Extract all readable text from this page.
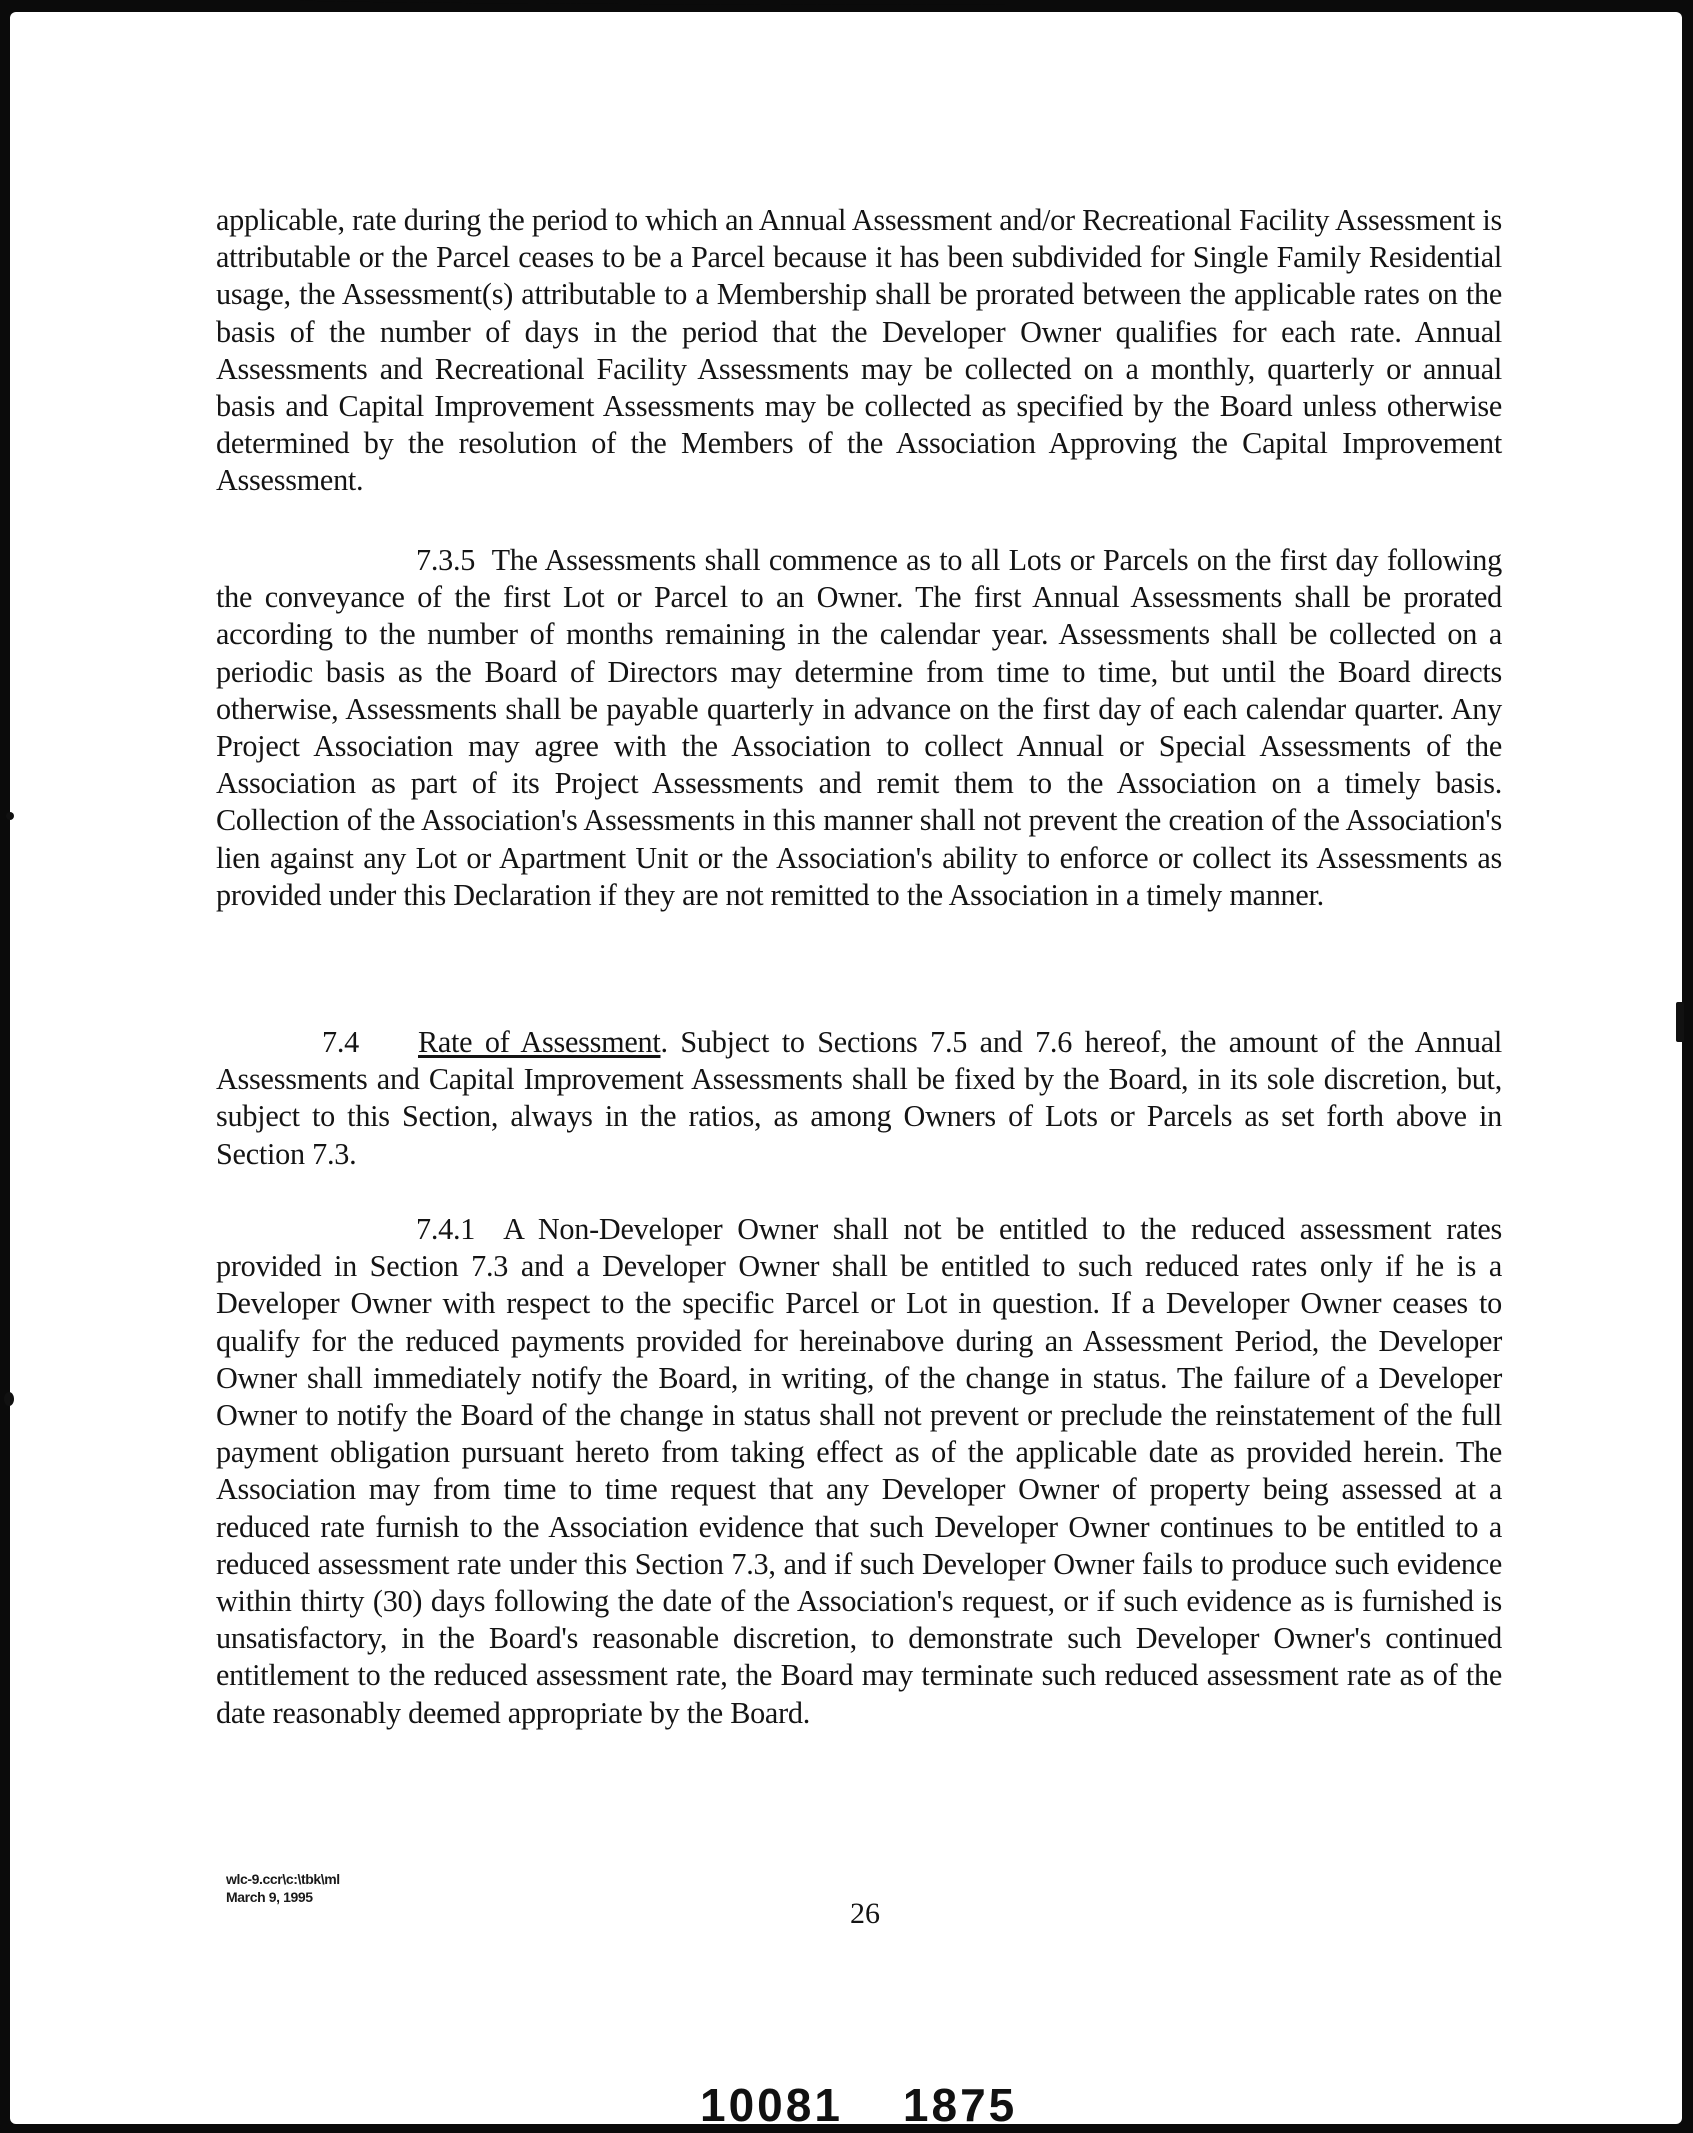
applicable, rate during the period to which an Annual Assessment and/or Recreational Facility Assessment is attributable or the Parcel ceases to be a Parcel because it has been subdivided for Single Family Residential usage, the Assessment(s) attributable to a Membership shall be prorated between the applicable rates on the basis of the number of days in the period that the Developer Owner qualifies for each rate. Annual Assessments and Recreational Facility Assessments may be collected on a monthly, quarterly or annual basis and Capital Improvement Assessments may be collected as specified by the Board unless otherwise determined by the resolution of the Members of the Association Approving the Capital Improvement Assessment.

7.3.5 The Assessments shall commence as to all Lots or Parcels on the first day following the conveyance of the first Lot or Parcel to an Owner. The first Annual Assessments shall be prorated according to the number of months remaining in the calendar year. Assessments shall be collected on a periodic basis as the Board of Directors may determine from time to time, but until the Board directs otherwise, Assessments shall be payable quarterly in advance on the first day of each calendar quarter. Any Project Association may agree with the Association to collect Annual or Special Assessments of the Association as part of its Project Assessments and remit them to the Association on a timely basis. Collection of the Association's Assessments in this manner shall not prevent the creation of the Association's lien against any Lot or Apartment Unit or the Association's ability to enforce or collect its Assessments as provided under this Declaration if they are not remitted to the Association in a timely manner.

7.4 Rate of Assessment. Subject to Sections 7.5 and 7.6 hereof, the amount of the Annual Assessments and Capital Improvement Assessments shall be fixed by the Board, in its sole discretion, but, subject to this Section, always in the ratios, as among Owners of Lots or Parcels as set forth above in Section 7.3.

7.4.1 A Non-Developer Owner shall not be entitled to the reduced assessment rates provided in Section 7.3 and a Developer Owner shall be entitled to such reduced rates only if he is a Developer Owner with respect to the specific Parcel or Lot in question. If a Developer Owner ceases to qualify for the reduced payments provided for hereinabove during an Assessment Period, the Developer Owner shall immediately notify the Board, in writing, of the change in status. The failure of a Developer Owner to notify the Board of the change in status shall not prevent or preclude the reinstatement of the full payment obligation pursuant hereto from taking effect as of the applicable date as provided herein. The Association may from time to time request that any Developer Owner of property being assessed at a reduced rate furnish to the Association evidence that such Developer Owner continues to be entitled to a reduced assessment rate under this Section 7.3, and if such Developer Owner fails to produce such evidence within thirty (30) days following the date of the Association's request, or if such evidence as is furnished is unsatisfactory, in the Board's reasonable discretion, to demonstrate such Developer Owner's continued entitlement to the reduced assessment rate, the Board may terminate such reduced assessment rate as of the date reasonably deemed appropriate by the Board.

wlc-9.ccr\c:\tbk\ml
March 9, 1995	26
10081 1875
